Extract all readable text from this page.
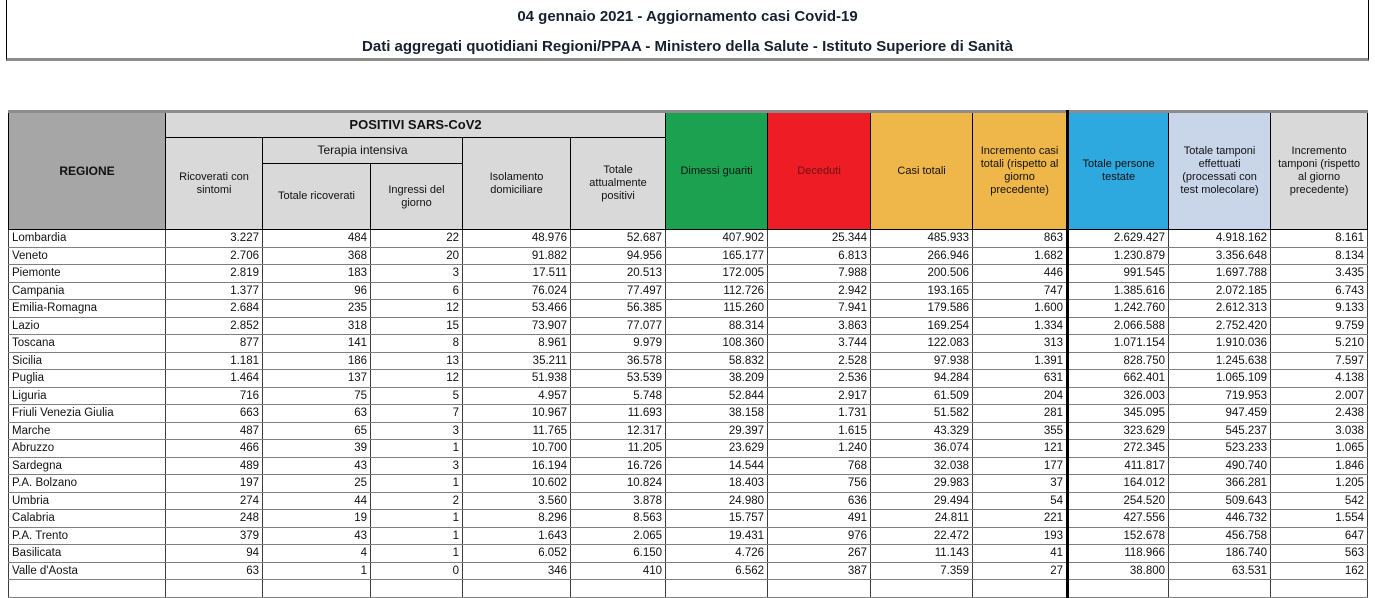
04 gennaio 2021 - Aggiornamento casi Covid-19
Dati aggregati quotidiani Regioni/PPAA - Ministero della Salute - Istituto Superiore di Sanità
REGIONE	POSITIVI SARS-CoV2					Dimessi guariti	Deceduti	Casi totali	Incremento casi totali (rispetto al giorno precedente)	Totale persone testate	Totale tamponi effettuati (processati con test molecolare)	Incremento tamponi (rispetto al giorno precedente)
	Ricoverati con sintomi	Terapia intensiva		Isolamento domiciliare	Totale attualmente positivi							
		Totale ricoverati	Ingressi del giorno									
Lombardia	3.227	484	22	48.976	52.687	407.902	25.344	485.933	863	2.629.427	4.918.162	8.161
Veneto	2.706	368	20	91.882	94.956	165.177	6.813	266.946	1.682	1.230.879	3.356.648	8.134
Piemonte	2.819	183	3	17.511	20.513	172.005	7.988	200.506	446	991.545	1.697.788	3.435
Campania	1.377	96	6	76.024	77.497	112.726	2.942	193.165	747	1.385.616	2.072.185	6.743
Emilia-Romagna	2.684	235	12	53.466	56.385	115.260	7.941	179.586	1.600	1.242.760	2.612.313	9.133
Lazio	2.852	318	15	73.907	77.077	88.314	3.863	169.254	1.334	2.066.588	2.752.420	9.759
Toscana	877	141	8	8.961	9.979	108.360	3.744	122.083	313	1.071.154	1.910.036	5.210
Sicilia	1.181	186	13	35.211	36.578	58.832	2.528	97.938	1.391	828.750	1.245.638	7.597
Puglia	1.464	137	12	51.938	53.539	38.209	2.536	94.284	631	662.401	1.065.109	4.138
Liguria	716	75	5	4.957	5.748	52.844	2.917	61.509	204	326.003	719.953	2.007
Friuli Venezia Giulia	663	63	7	10.967	11.693	38.158	1.731	51.582	281	345.095	947.459	2.438
Marche	487	65	3	11.765	12.317	29.397	1.615	43.329	355	323.629	545.237	3.038
Abruzzo	466	39	1	10.700	11.205	23.629	1.240	36.074	121	272.345	523.233	1.065
Sardegna	489	43	3	16.194	16.726	14.544	768	32.038	177	411.817	490.740	1.846
P.A. Bolzano	197	25	1	10.602	10.824	18.403	756	29.983	37	164.012	366.281	1.205
Umbria	274	44	2	3.560	3.878	24.980	636	29.494	54	254.520	509.643	542
Calabria	248	19	1	8.296	8.563	15.757	491	24.811	221	427.556	446.732	1.554
P.A. Trento	379	43	1	1.643	2.065	19.431	976	22.472	193	152.678	456.758	647
Basilicata	94	4	1	6.052	6.150	4.726	267	11.143	41	118.966	186.740	563
Valle d'Aosta	63	1	0	346	410	6.562	387	7.359	27	38.800	63.531	162
